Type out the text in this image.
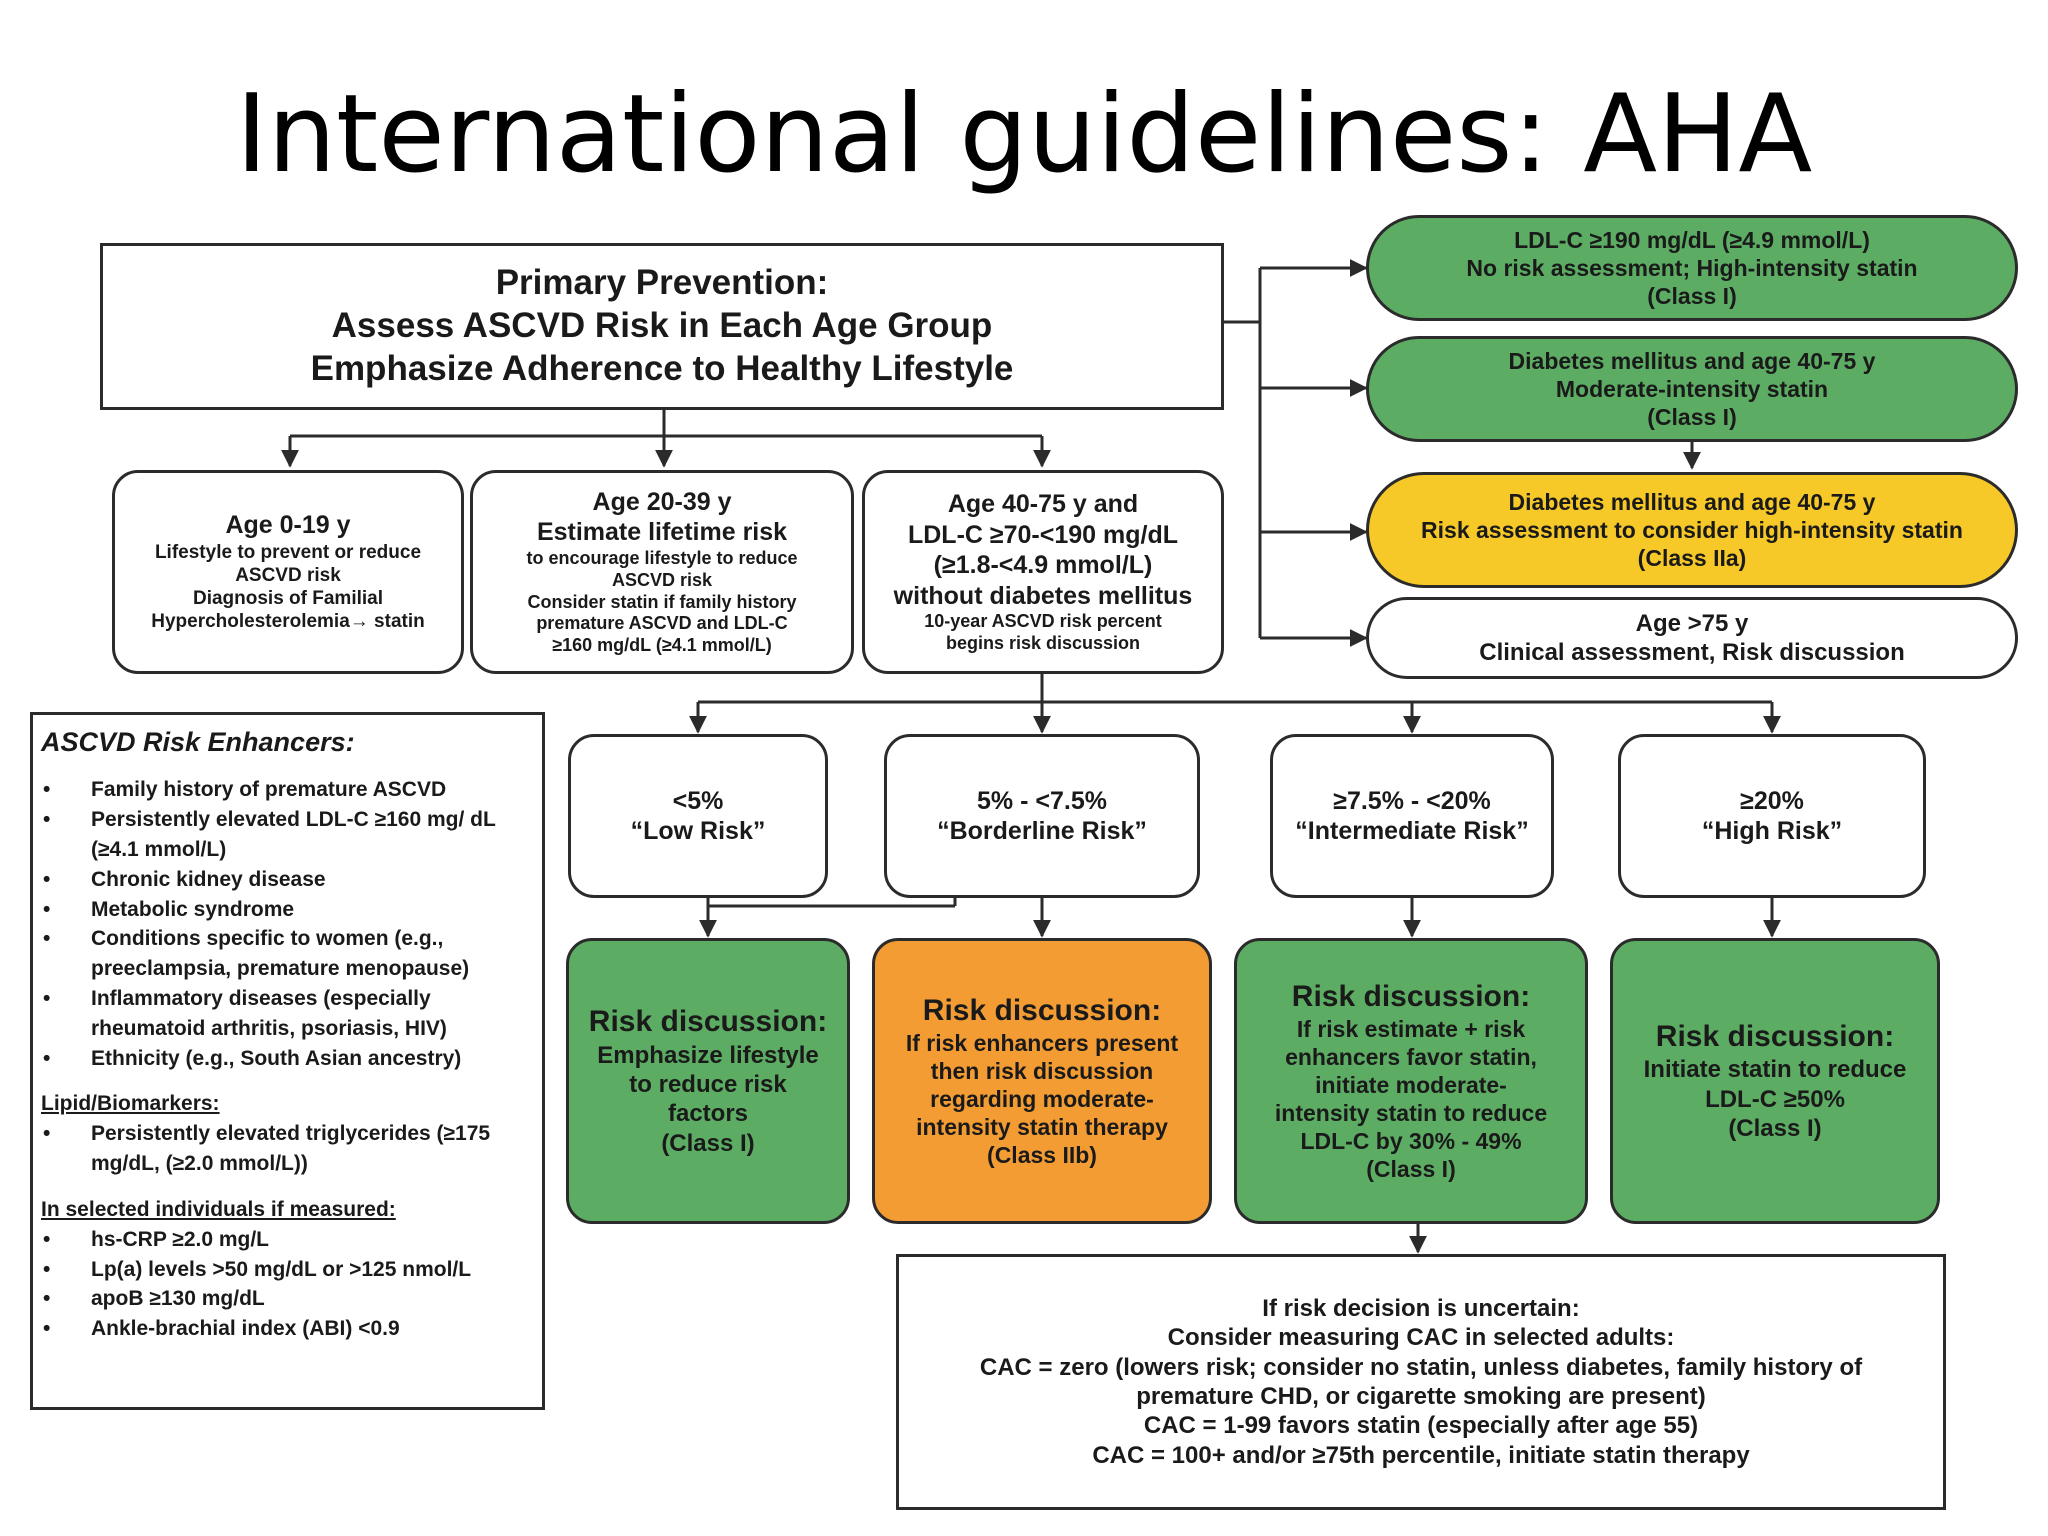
International guidelines: AHA
Primary Prevention:
Assess ASCVD Risk in Each Age Group
Emphasize Adherence to Healthy Lifestyle
Age 0-19 y
Lifestyle to prevent or reduce
ASCVD risk
Diagnosis of Familial
Hypercholesterolemia→ statin
Age 20-39 y
Estimate lifetime risk
to encourage lifestyle to reduce
ASCVD risk
Consider statin if family history
premature ASCVD and LDL-C
≥160 mg/dL (≥4.1 mmol/L)
Age 40-75 y and
LDL-C ≥70-<190 mg/dL
(≥1.8-<4.9 mmol/L)
without diabetes mellitus
10-year ASCVD risk percent
begins risk discussion
LDL-C ≥190 mg/dL (≥4.9 mmol/L)
No risk assessment; High-intensity statin
(Class I)
Diabetes mellitus and age 40-75 y
Moderate-intensity statin
(Class I)
Diabetes mellitus and age 40-75 y
Risk assessment to consider high-intensity statin
(Class IIa)
Age >75 y
Clinical assessment, Risk discussion
ASCVD Risk Enhancers:
• Family history of premature ASCVD
• Persistently elevated LDL-C ≥160 mg/ dL (≥4.1 mmol/L)
• Chronic kidney disease
• Metabolic syndrome
• Conditions specific to women (e.g., preeclampsia, premature menopause)
• Inflammatory diseases (especially rheumatoid arthritis, psoriasis, HIV)
• Ethnicity (e.g., South Asian ancestry)
Lipid/Biomarkers:
• Persistently elevated triglycerides (≥175 mg/dL, (≥2.0 mmol/L))
In selected individuals if measured:
• hs-CRP ≥2.0 mg/L
• Lp(a) levels >50 mg/dL or >125 nmol/L
• apoB ≥130 mg/dL
• Ankle-brachial index (ABI) <0.9
<5%
“Low Risk”
5% - <7.5%
“Borderline Risk”
≥7.5% - <20%
“Intermediate Risk”
≥20%
“High Risk”
Risk discussion:
Emphasize lifestyle
to reduce risk
factors
(Class I)
Risk discussion:
If risk enhancers present
then risk discussion
regarding moderate-
intensity statin therapy
(Class IIb)
Risk discussion:
If risk estimate + risk
enhancers favor statin,
initiate moderate-
intensity statin to reduce
LDL-C by 30% - 49%
(Class I)
Risk discussion:
Initiate statin to reduce
LDL-C ≥50%
(Class I)
If risk decision is uncertain:
Consider measuring CAC in selected adults:
CAC = zero (lowers risk; consider no statin, unless diabetes, family history of
premature CHD, or cigarette smoking are present)
CAC = 1-99 favors statin (especially after age 55)
CAC = 100+ and/or ≥75th percentile, initiate statin therapy
